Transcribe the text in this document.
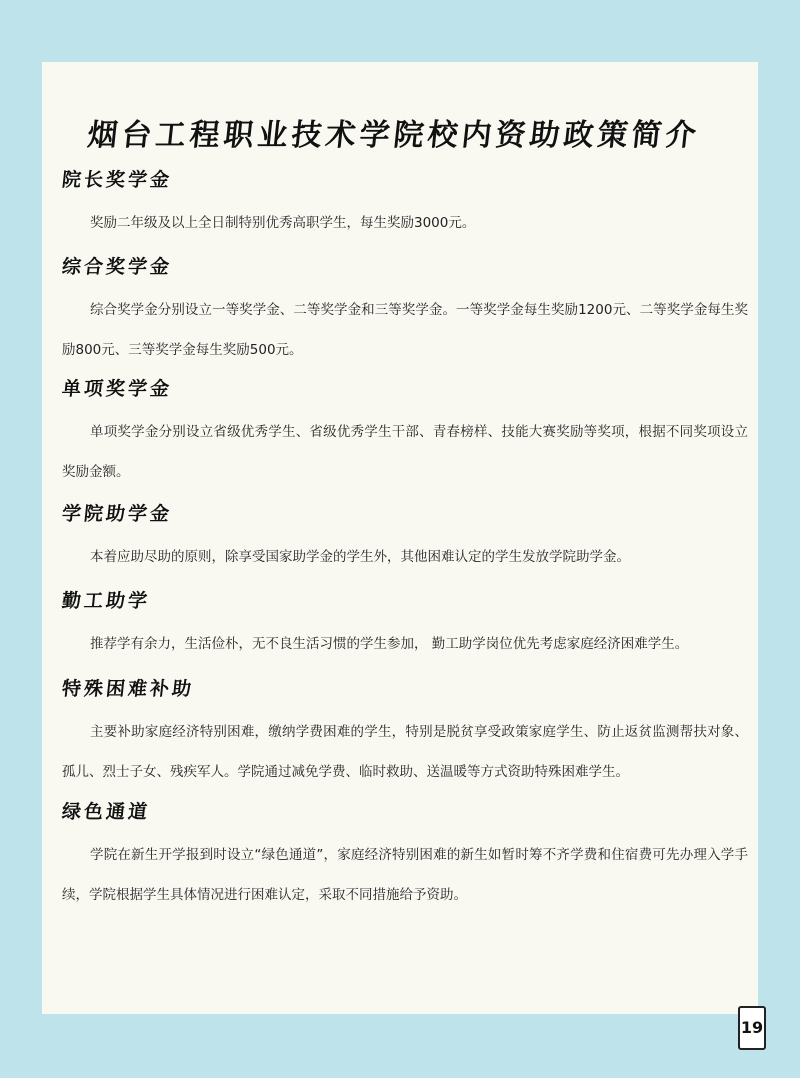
烟台工程职业技术学院校内资助政策简介
院长奖学金

奖励二年级及以上全日制特别优秀高职学生，每生奖励3000元。

综合奖学金

综合奖学金分别设立一等奖学金、二等奖学金和三等奖学金。一等奖学金每生奖励1200元、二等奖学金每生奖励800元、三等奖学金每生奖励500元。

单项奖学金

单项奖学金分别设立省级优秀学生、省级优秀学生干部、青春榜样、技能大赛奖励等奖项，根据不同奖项设立奖励金额。

学院助学金

本着应助尽助的原则，除享受国家助学金的学生外，其他困难认定的学生发放学院助学金。

勤工助学

推荐学有余力，生活俭朴，无不良生活习惯的学生参加， 勤工助学岗位优先考虑家庭经济困难学生。

特殊困难补助

主要补助家庭经济特别困难，缴纳学费困难的学生，特别是脱贫享受政策家庭学生、防止返贫监测帮扶对象、孤儿、烈士子女、残疾军人。学院通过减免学费、临时救助、送温暖等方式资助特殊困难学生。

绿色通道

学院在新生开学报到时设立“绿色通道”，家庭经济特别困难的新生如暂时筹不齐学费和住宿费可先办理入学手续，学院根据学生具体情况进行困难认定，采取不同措施给予资助。

19
